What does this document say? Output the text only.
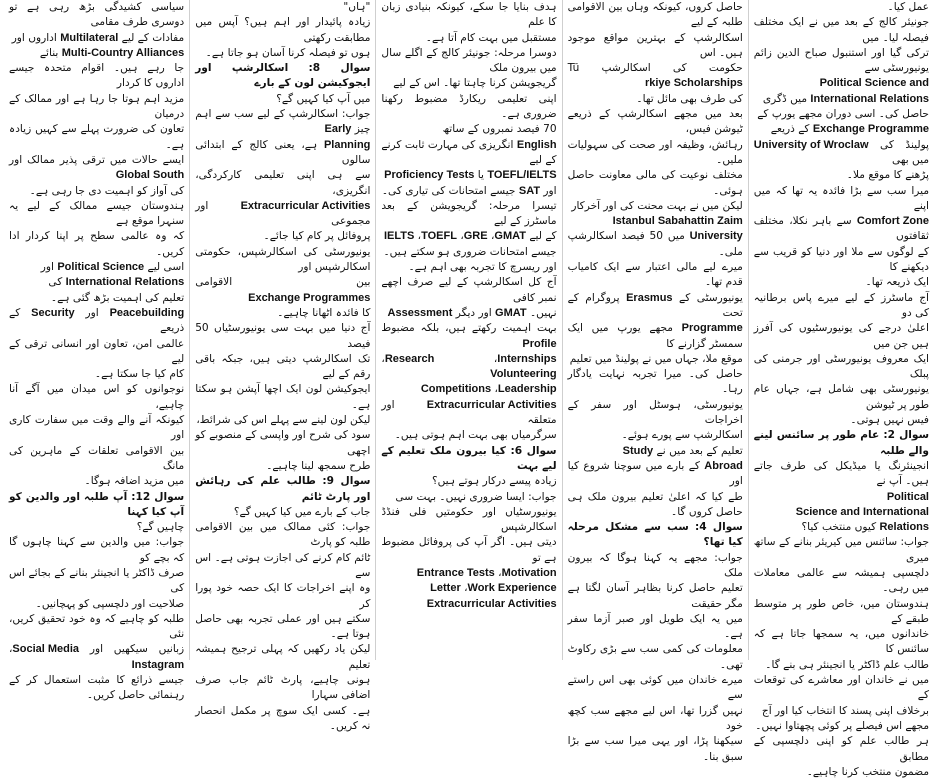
عمل کیا۔

جونیئر کالج کے بعد میں نے ایک مختلف فیصلہ لیا۔ میں

ترکی گیا اور استنبول صباح الدین زائم یونیورسٹی سے

Political Science and

International Relations میں ڈگری

حاصل کی۔ اسی دوران مجھے یورپ کے

Exchange Programme کے ذریعے

پولینڈ کی University of Wroclaw میں بھی

پڑھنے کا موقع ملا۔

میرا سب سے بڑا فائدہ یہ تھا کہ میں اپنے

Comfort Zone سے باہر نکلا، مختلف ثقافتوں

کے لوگوں سے ملا اور دنیا کو قریب سے دیکھنے کا

ایک ذریعہ تھا۔

آج ماسٹرز کے لیے میرے پاس برطانیہ کی دو

اعلیٰ درجے کی یونیورسٹیوں کی آفرز ہیں جن میں

ایک معروف یونیورسٹی اور جرمنی کی پبلک

یونیورسٹی بھی شامل ہے، جہاں عام طور پر ٹیوشن

فیس نہیں ہوتی۔

سوال 2: عام طور پر سائنس لینے والے طلبہ

انجینئرنگ یا میڈیکل کی طرف جاتے ہیں۔ آپ نے

Political

Science and International

Relations کیوں منتخب کیا؟

جواب: سائنس میں کیریئر بنانے کے ساتھ میری

دلچسپی ہمیشہ سے عالمی معاملات میں رہی۔

ہندوستان میں، خاص طور پر متوسط طبقے کے

خاندانوں میں، یہ سمجھا جاتا ہے کہ سائنس کا

طالب علم ڈاکٹر یا انجینئر ہی بنے گا۔

میں نے خاندان اور معاشرے کی توقعات کے

برخلاف اپنی پسند کا انتخاب کیا اور آج

مجھے اس فیصلے پر کوئی پچھتاوا نہیں۔

ہر طالب علم کو اپنی دلچسپی کے مطابق

مضمون منتخب کرنا چاہیے۔

حاصل کروں، کیونکہ وہاں بین الاقوامی طلبہ کے لیے

اسکالرشپ کے بہترین مواقع موجود ہیں۔ اس

حکومت کی اسکالرشپ Türkiye Scholarships

کی طرف بھی مائل تھا۔

بعد میں مجھے اسکالرشپ کے ذریعے ٹیوشن فیس،

رہائش، وظیفہ اور صحت کی سہولیات ملیں۔

مختلف نوعیت کی مالی معاونت حاصل ہوئی۔

لیکن میں نے بہت محنت کی اور آخرکار

Istanbul Sabahattin Zaim

University میں 50 فیصد اسکالرشپ ملی۔

میرے لیے مالی اعتبار سے ایک کامیاب قدم تھا۔

یونیورسٹی کے Erasmus پروگرام کے تحت

Programme مجھے یورپ میں ایک سمسٹر گزارنے کا

موقع ملا، جہاں میں نے پولینڈ میں تعلیم

حاصل کی۔ میرا تجربہ نہایت یادگار رہا۔

یونیورسٹی، ہوسٹل اور سفر کے اخراجات

اسکالرشپ سے پورے ہوئے۔

تعلیم کے بعد میں نے Study

Abroad کے بارے میں سوچنا شروع کیا اور

طے کیا کہ اعلیٰ تعلیم بیرون ملک ہی حاصل کروں گا۔

سوال 4: سب سے مشکل مرحلہ کیا تھا؟

جواب: مجھے یہ کہنا ہوگا کہ بیرون ملک

تعلیم حاصل کرنا بظاہر آسان لگتا ہے مگر حقیقت

میں یہ ایک طویل اور صبر آزما سفر ہے۔

معلومات کی کمی سب سے بڑی رکاوٹ تھی۔

میرے خاندان میں کوئی بھی اس راستے سے

نہیں گزرا تھا، اس لیے مجھے سب کچھ خود

سیکھنا پڑا، اور یہی میرا سب سے بڑا سبق بنا۔

ہدف بنایا جا سکے، کیونکہ بنیادی زبان کا علم

مستقبل میں بہت کام آتا ہے۔

دوسرا مرحلہ: جونیئر کالج کے اگلے سال میں بیرون ملک

گریجویشن کرنا چاہتا تھا۔ اس کے لیے

اپنی تعلیمی ریکارڈ مضبوط رکھنا ضروری ہے۔

70 فیصد نمبروں کے ساتھ

English انگریزی کی مہارت ثابت کرنے کے لیے

TOEFL/IELTS یا Proficiency Tests

اور SAT جیسے امتحانات کی تیاری کی۔

تیسرا مرحلہ: گریجویشن کے بعد ماسٹرز کے لیے

کے لیے GMAT، GRE، TOEFL، IELTS

جیسے امتحانات ضروری ہو سکتے ہیں۔

اور ریسرچ کا تجربہ بھی اہم ہے۔

آج کل اسکالرشپ کے لیے صرف اچھے نمبر کافی

نہیں۔ GMAT اور دیگر Assessment

بہت اہمیت رکھتے ہیں، بلکہ مضبوط Profile

Internships، Research، Volunteering

Leadership، Competitions

Extracurricular Activities اور متعلقہ

سرگرمیاں بھی بہت اہم ہوتی ہیں۔

سوال 6: کیا بیرون ملک تعلیم کے لیے بہت

زیادہ پیسے درکار ہوتے ہیں؟

جواب: ایسا ضروری نہیں۔ بہت سی

یونیورسٹیاں اور حکومتیں فلی فنڈڈ اسکالرشپس

دیتی ہیں۔ اگر آپ کی پروفائل مضبوط ہے تو

Motivation، Entrance Tests

Work Experience، Letter

Extracurricular Activities

"ہاں"

زیادہ پائیدار اور اہم ہیں؟ آپس میں مطابقت رکھتی

ہوں تو فیصلہ کرنا آسان ہو جاتا ہے۔

سوال 8: اسکالرشپ اور ایجوکیشن لون کے بارے

میں آپ کیا کہیں گے؟

جواب: اسکالرشپ کے لیے سب سے اہم چیز Early

Planning ہے، یعنی کالج کے ابتدائی سالوں

سے ہی اپنی تعلیمی کارکردگی، انگریزی،

Extracurricular Activities اور مجموعی

پروفائل پر کام کیا جائے۔

یونیورسٹی کی اسکالرشپس، حکومتی اسکالرشپس اور

بین الاقوامی Exchange Programmes

کا فائدہ اٹھانا چاہیے۔

آج دنیا میں بہت سی یونیورسٹیاں 50 فیصد

تک اسکالرشپ دیتی ہیں، جبکہ باقی رقم کے لیے

ایجوکیشن لون ایک اچھا آپشن ہو سکتا ہے۔

لیکن لون لینے سے پہلے اس کی شرائط،

سود کی شرح اور واپسی کے منصوبے کو اچھی

طرح سمجھ لینا چاہیے۔

سوال 9: طالب علم کی رہائش اور پارٹ ٹائم

جاب کے بارے میں کیا کہیں گے؟

جواب: کئی ممالک میں بین الاقوامی طلبہ کو پارٹ

ٹائم کام کرنے کی اجازت ہوتی ہے۔ اس سے

وہ اپنے اخراجات کا ایک حصہ خود پورا کر

سکتے ہیں اور عملی تجربہ بھی حاصل ہوتا ہے۔

لیکن یاد رکھیں کہ پہلی ترجیح ہمیشہ تعلیم

ہونی چاہیے، پارٹ ٹائم جاب صرف اضافی سہارا

ہے۔ کسی ایک سوچ پر مکمل انحصار نہ کریں۔

سیاسی کشیدگی بڑھ رہی ہے تو دوسری طرف مقامی

مفادات کے لیے Multilateral اداروں اور

Multi-Country Alliances بنائے

جا رہے ہیں۔ اقوام متحدہ جیسے اداروں کا کردار

مزید اہم ہوتا جا رہا ہے اور ممالک کے درمیان

تعاون کی ضرورت پہلے سے کہیں زیادہ ہے۔

ایسے حالات میں ترقی پذیر ممالک اور Global South

کی آواز کو اہمیت دی جا رہی ہے۔

ہندوستان جیسے ممالک کے لیے یہ سنہرا موقع ہے

کہ وہ عالمی سطح پر اپنا کردار ادا کریں۔

اسی لیے Political Science اور

International Relations کی

تعلیم کی اہمیت بڑھ گئی ہے۔

Peacebuilding اور Security کے ذریعے

عالمی امن، تعاون اور انسانی ترقی کے لیے

کام کیا جا سکتا ہے۔

نوجوانوں کو اس میدان میں آگے آنا چاہیے،

کیونکہ آنے والے وقت میں سفارت کاری اور

بین الاقوامی تعلقات کے ماہرین کی مانگ

میں مزید اضافہ ہوگا۔

سوال 12: آپ طلبہ اور والدین کو آپ کیا کہنا

چاہیں گے؟

جواب: میں والدین سے کہنا چاہوں گا کہ بچے کو

صرف ڈاکٹر یا انجینئر بنانے کے بجائے اس کی

صلاحیت اور دلچسپی کو پہچانیں۔

طلبہ کو چاہیے کہ وہ خود تحقیق کریں، نئی

زبانیں سیکھیں اور Social Media، Instagram

جیسے ذرائع کا مثبت استعمال کر کے رہنمائی حاصل کریں۔
